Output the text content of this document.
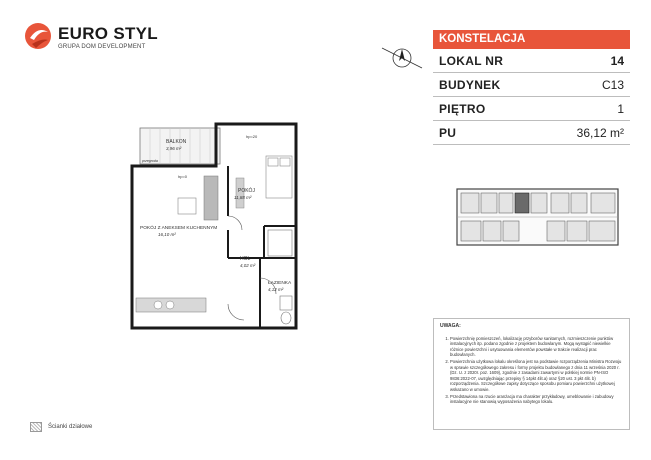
EURO STYL
GRUPA DOM DEVELOPMENT
KONSTELACJA
LOKAL NR	14
BUDYNEK	C13
PIĘTRO	1
PU	36,12 m²
BALKON
3,96 m²
przegroda
hp=20
hp=0
POKÓJ
11,88 m²
POKÓJ Z ANEKSEM KUCHENNYM
16,10 m²
HOL
4,02 m²
ŁAZIENKA
4,12 m²
UWAGA:
1. Powierzchnię pomieszczeń, lokalizację przyborów sanitarnych, rozmieszczenie punktów instalacyjnych itp. podano zgodnie z projektem budowlanym. Mogą wystąpić niewielkie różnice powierzchni i usytuowania elementów powstałe w trakcie realizacji prac budowlanych.
2. Powierzchnia użytkowa lokalu określona jest na podstawie rozporządzenia Ministra Rozwoju w sprawie szczegółowego zakresu i formy projektu budowlanego z dnia 11 września 2020 r. (Dz. U. z 2020r. poz. 1609), zgodnie z zasadami zawartymi w polskiej normie PN-ISO 9836:2022-07, uwzględniając przepisy § 14pkt 4lit.a) oraz §20 ust. 3 pkt 4lit. b) rozporządzenia. Szczegółowe zapisy dotyczące sposobu pomiaru powierzchni użytkowej wskazano w umowie.
3. Przedstawiona na rzucie aranżacja ma charakter przykładowy, umeblowanie i zabudowy instalacyjne nie stanowią wyposażenia nabytego lokalu.
Ścianki działowe
